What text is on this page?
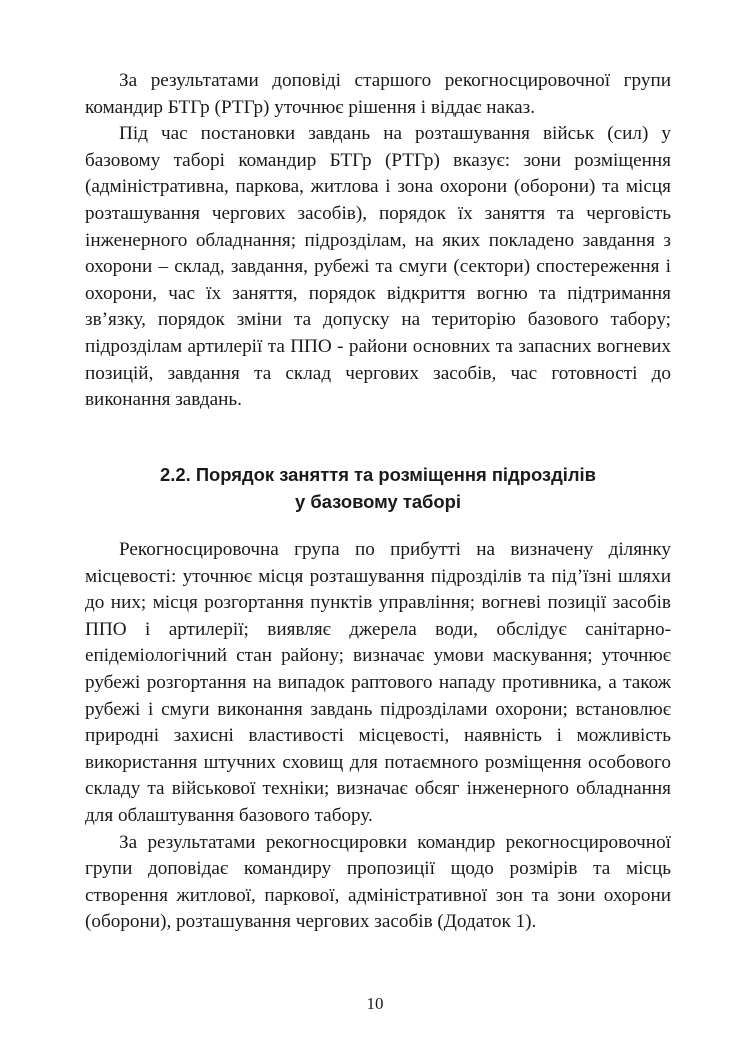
За результатами доповіді старшого рекогносцировочної групи командир БТГр (РТГр) уточнює рішення і віддає наказ.

Під час постановки завдань на розташування військ (сил) у базовому таборі командир БТГр (РТГр) вказує: зони розміщення (адміністративна, паркова, житлова і зона охорони (оборони) та місця розташування чергових засобів), порядок їх заняття та черговість інженерного обладнання; підрозділам, на яких покладено завдання з охорони – склад, завдання, рубежі та смуги (сектори) спостереження і охорони, час їх заняття, порядок відкриття вогню та підтримання зв’язку, порядок зміни та допуску на територію базового табору; підрозділам артилерії та ППО - райони основних та запасних вогневих позицій, завдання та склад чергових засобів, час готовності до виконання завдань.

2.2. Порядок заняття та розміщення підрозділів
у базовому таборі

Рекогносцировочна група по прибутті на визначену ділянку місцевості: уточнює місця розташування підрозділів та під’їзні шляхи до них; місця розгортання пунктів управління; вогневі позиції засобів ППО і артилерії; виявляє джерела води, обслідує санітарно-епідеміологічний стан району; визначає умови маскування; уточнює рубежі розгортання на випадок раптового нападу противника, а також рубежі і смуги виконання завдань підрозділами охорони; встановлює природні захисні властивості місцевості, наявність і можливість використання штучних сховищ для потаємного розміщення особового складу та військової техніки; визначає обсяг інженерного обладнання для облаштування базового табору.

За результатами рекогносцировки командир рекогносцировочної групи доповідає командиру пропозиції щодо розмірів та місць створення житлової, паркової, адміністративної зон та зони охорони (оборони), розташування чергових засобів (Додаток 1).

10
